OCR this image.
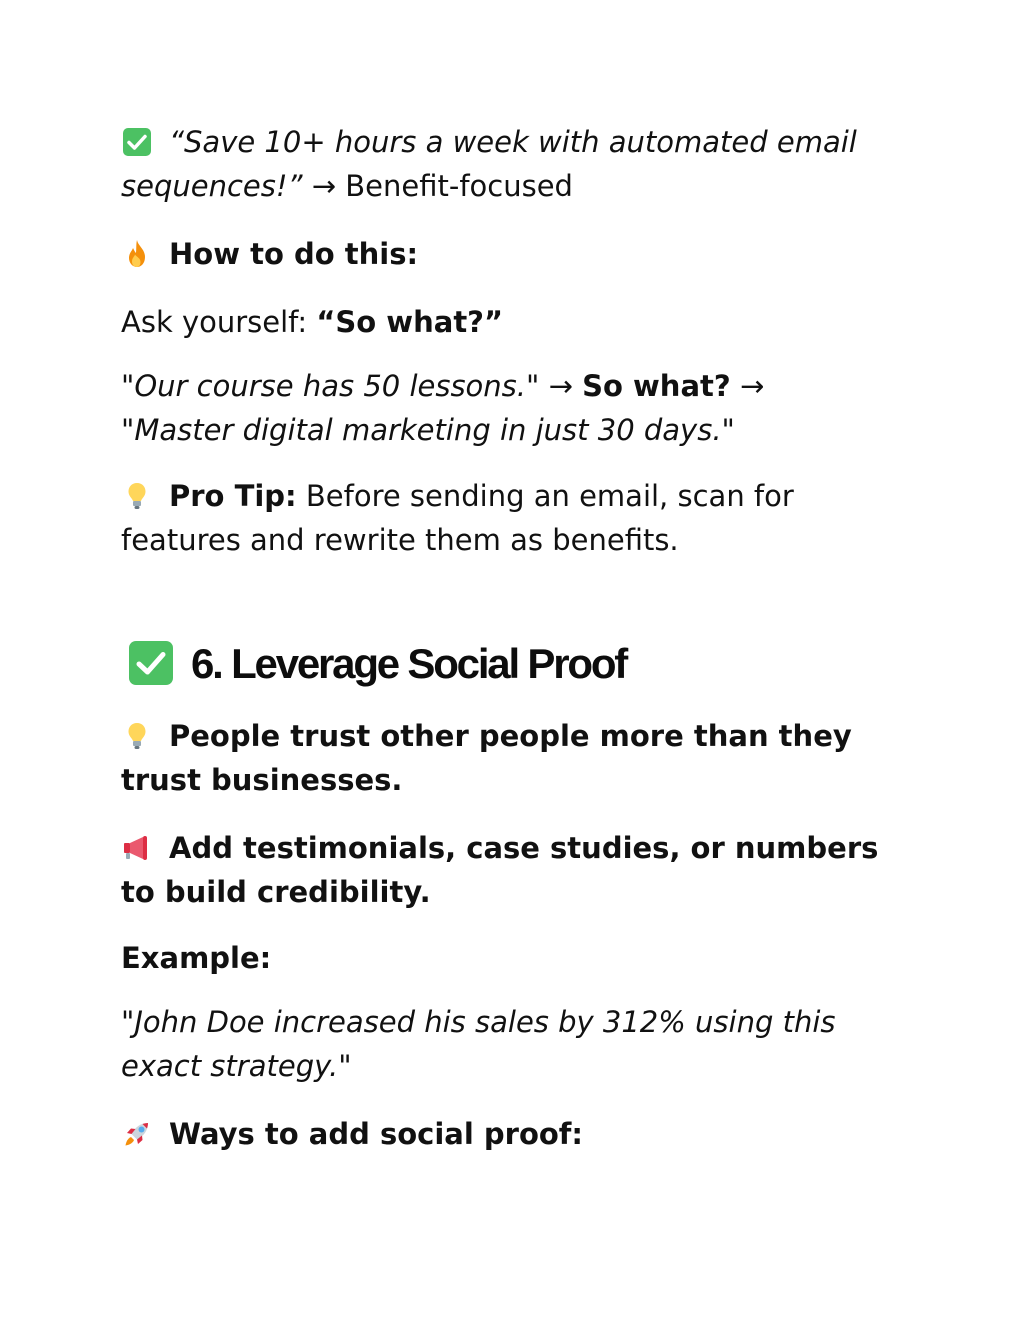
“Save 10+ hours a week with automated email sequences!” → Benefit-focused

How to do this:

Ask yourself: “So what?”

"Our course has 50 lessons." → So what? →
"Master digital marketing in just 30 days."

Pro Tip: Before sending an email, scan for features and rewrite them as benefits.

6. Leverage Social Proof

People trust other people more than they trust businesses.

Add testimonials, case studies, or numbers to build credibility.

Example:

"John Doe increased his sales by 312% using this exact strategy."

Ways to add social proof:
